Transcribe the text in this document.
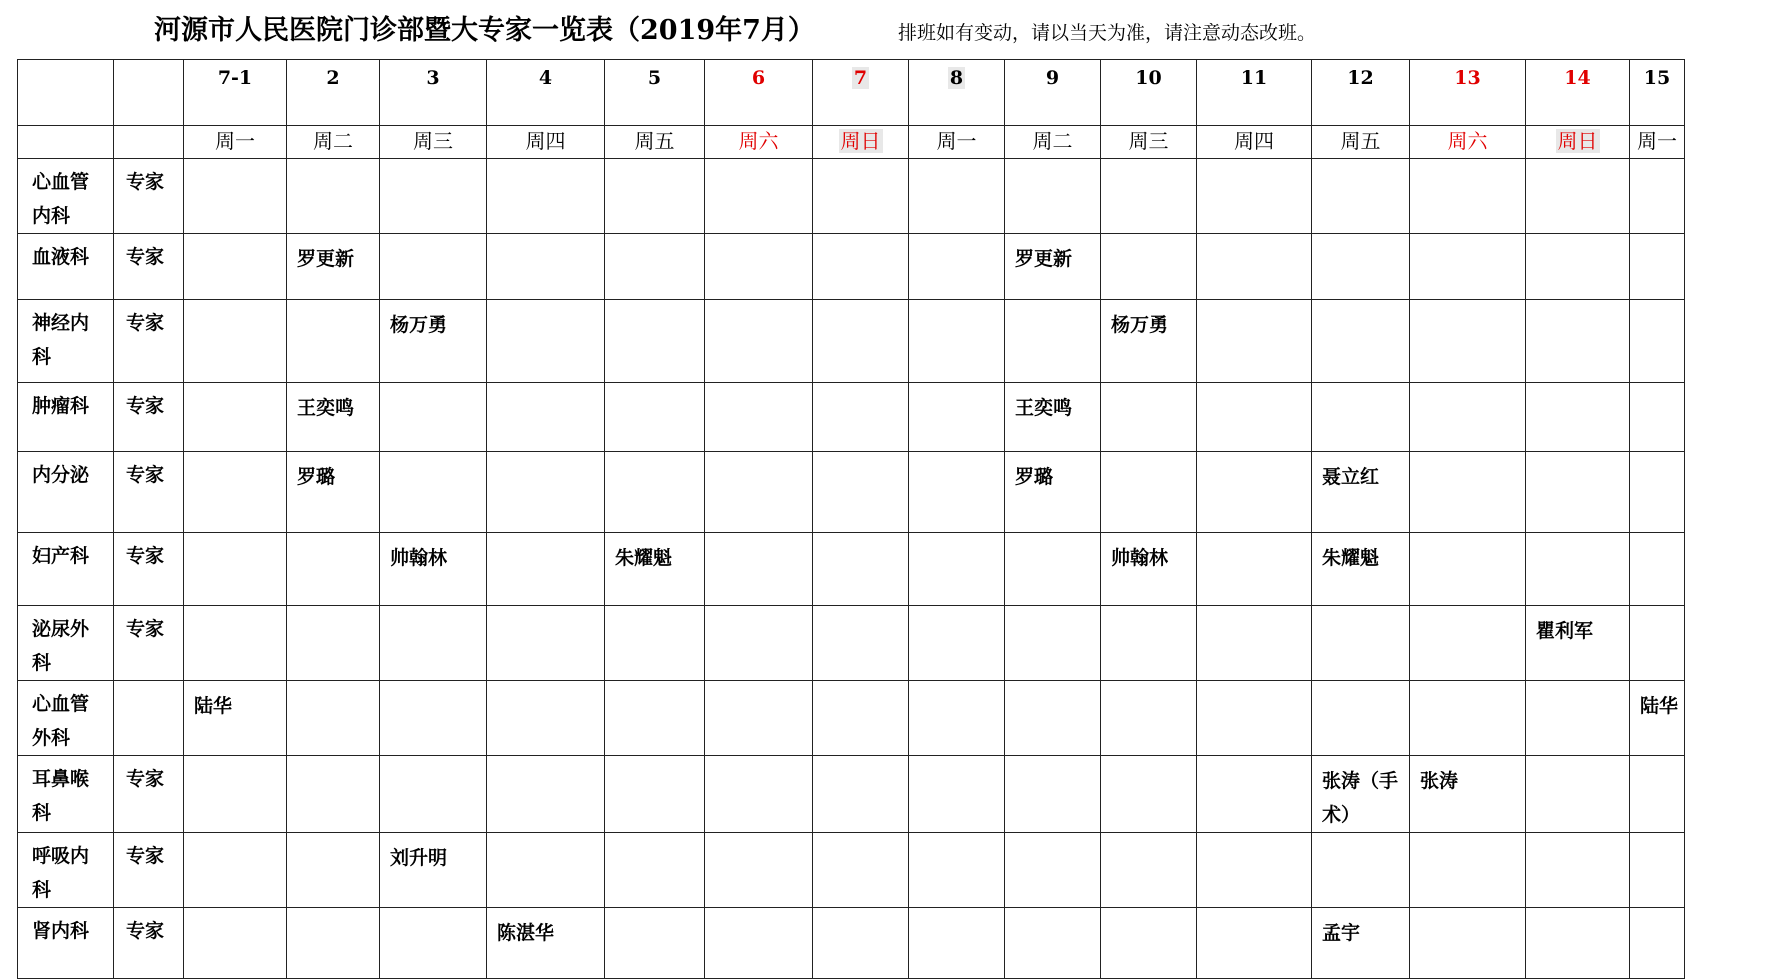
河源市人民医院门诊部暨大专家一览表（2019年7月）	排班如有变动，请以当天为准，请注意动态改班。

		7-1	2	3	4	5	6	7	8	9	10	11	12	13	14	15

		周一	周二	周三	周四	周五	周六	周日	周一	周二	周三	周四	周五	周六	周日	周一

心血管内科	专家															

血液科	专家		罗更新							罗更新						

神经内科	专家			杨万勇							杨万勇					

肿瘤科	专家		王奕鸣							王奕鸣						

内分泌	专家		罗璐							罗璐			聂立红			

妇产科	专家			帅翰林		朱耀魁					帅翰林		朱耀魁			

泌尿外科	专家														瞿利军	

心血管外科		陆华														陆华

耳鼻喉科	专家												张涛（手术）	张涛		

呼吸内科	专家			刘升明												

肾内科	专家				陈湛华								孟宇			
